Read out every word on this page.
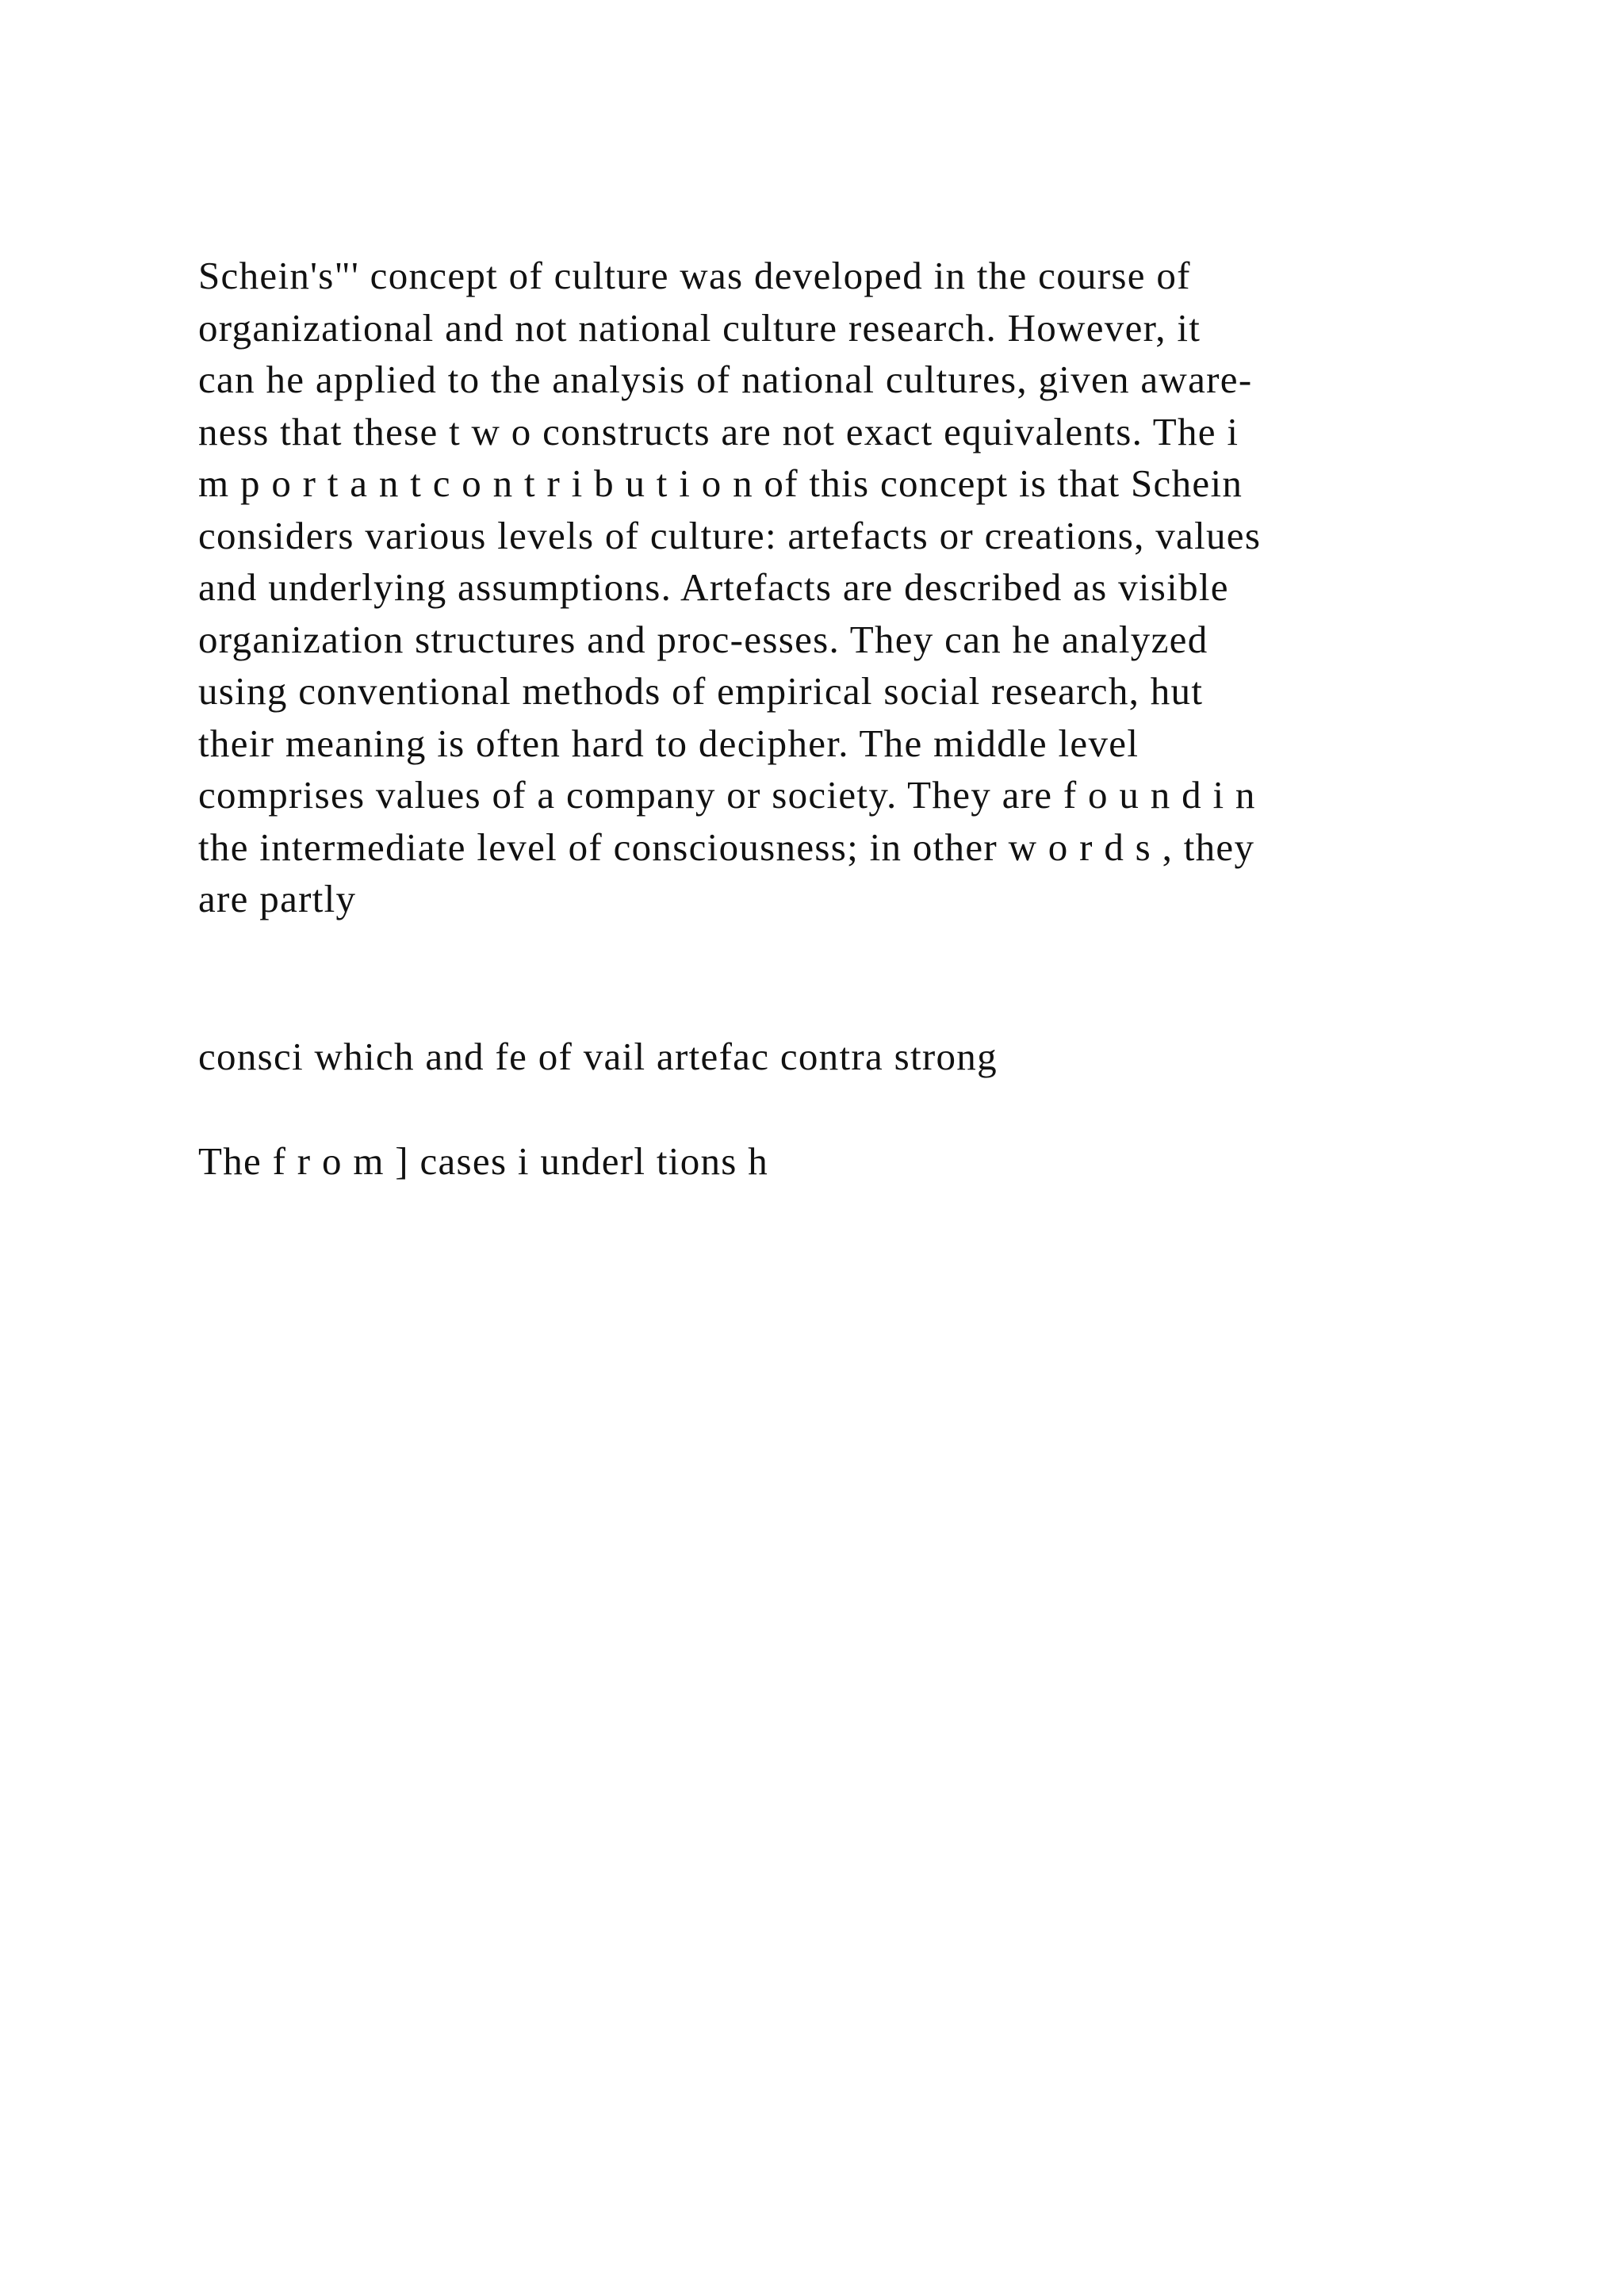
Schein's"' concept of culture was developed in the course of
organizational and not national culture research. However, it
can he applied to the analysis of national cultures, given aware-
ness that these t w o constructs are not exact equivalents. The i
m p o r t a n t c o n t r i b u t i o n of this concept is that Schein
considers various levels of culture: artefacts or creations, values
and underlying assumptions. Artefacts are described as visible
organization structures and proc-esses. They can he analyzed
using conventional methods of empirical social research, hut
their meaning is often hard to decipher. The middle level
comprises values of a company or society. They are f o u n d i n
the intermediate level of consciousness; in other w o r d s , they
are partly
consci which and fe of vail artefac contra strong
The f r o m ] cases i underl tions h
